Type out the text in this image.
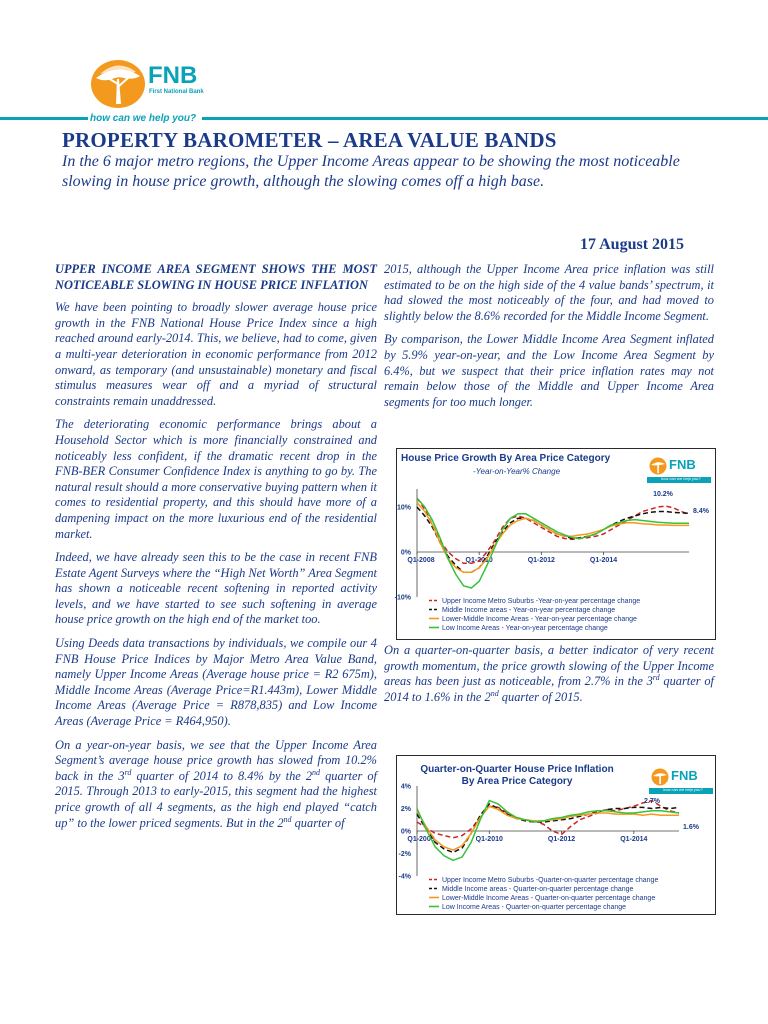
FNB
First National Bank
how can we help you?
PROPERTY BAROMETER – AREA VALUE BANDS
In the 6 major metro regions, the Upper Income Areas appear to be showing the most noticeable slowing in house price growth, although the slowing comes off a high base.
17 August 2015

UPPER INCOME AREA SEGMENT SHOWS THE MOST NOTICEABLE SLOWING IN HOUSE PRICE INFLATION

We have been pointing to broadly slower average house price growth in the FNB National House Price Index since a high reached around early-2014. This, we believe, had to come, given a multi-year deterioration in economic performance from 2012 onward, as temporary (and unsustainable) monetary and fiscal stimulus measures wear off and a myriad of structural constraints remain unaddressed.

The deteriorating economic performance brings about a Household Sector which is more financially constrained and noticeably less confident, if the dramatic recent drop in the FNB-BER Consumer Confidence Index is anything to go by. The natural result should a more conservative buying pattern when it comes to residential property, and this should have more of a dampening impact on the more luxurious end of the residential market.

Indeed, we have already seen this to be the case in recent FNB Estate Agent Surveys where the “High Net Worth” Area Segment has shown a noticeable recent softening in reported activity levels, and we have started to see such softening in average house price growth on the high end of the market too.

Using Deeds data transactions by individuals, we compile our 4 FNB House Price Indices by Major Metro Area Value Band, namely Upper Income Areas (Average house price = R2 675m), Middle Income Areas (Average Price=R1.443m), Lower Middle Income Areas (Average Price = R878,835) and Low Income Areas (Average Price = R464,950).

On a year-on-year basis, we see that the Upper Income Area Segment’s average house price growth has slowed from 10.2% back in the 3rd quarter of 2014 to 8.4% by the 2nd quarter of 2015. Through 2013 to early-2015, this segment had the highest price growth of all 4 segments, as the high end played “catch up” to the lower priced segments. But in the 2nd quarter of

2015, although the Upper Income Area price inflation was still estimated to be on the high side of the 4 value bands’ spectrum, it had slowed the most noticeably of the four, and had moved to slightly below the 8.6% recorded for the Middle Income Segment.

By comparison, the Lower Middle Income Area Segment inflated by 5.9% year-on-year, and the Low Income Area Segment by 6.4%, but we suspect that their price inflation rates may not remain below those of the Middle and Upper Income Area segments for too much longer.

House Price Growth By Area Price Category
-Year-on-Year% Change	FNB
how can we help you?
10%
0%
-10%
Q1-2008	Q1-2010	Q1-2012	Q1-2014
10.2%
8.4%
Upper Income Metro Suburbs -Year-on-year percentage change
Middle Income areas - Year-on-year percentage change
Lower-Middle Income Areas - Year-on-year percentage change
Low Income Areas - Year-on-year percentage change

On a quarter-on-quarter basis, a better indicator of very recent growth momentum, the price growth slowing of the Upper Income areas has been just as noticeable, from 2.7% in the 3rd quarter of 2014 to 1.6% in the 2nd quarter of 2015.

Quarter-on-Quarter House Price Inflation By Area Price Category	FNB
how can we help you?
4%
2%
0%
-2%
-4%
Q1-2008	Q1-2010	Q1-2012	Q1-2014
2.7%
1.6%
Upper Income Metro Suburbs -Quarter-on-quarter percentage change
Middle Income areas - Quarter-on-quarter percentage change
Lower-Middle Income Areas - Quarter-on-quarter percentage change
Low Income Areas - Quarter-on-quarter percentage change
